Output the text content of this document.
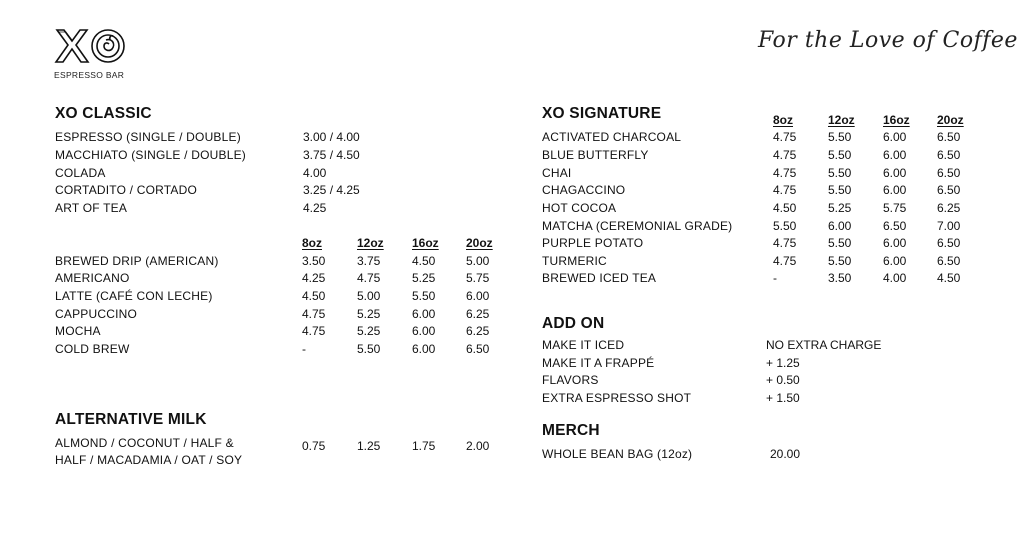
ESPRESSO BAR
For the Love of Coffee
XO CLASSIC
ESPRESSO (SINGLE / DOUBLE)	3.00 / 4.00
MACCHIATO (SINGLE / DOUBLE)	3.75 / 4.50
COLADA	4.00
CORTADITO / CORTADO	3.25 / 4.25
ART OF TEA	4.25
8oz	12oz 16oz 20oz
BREWED DRIP (AMERICAN)	3.50	3.75	4.50	5.00
AMERICANO	4.25	4.75	5.25	5.75
LATTE (CAFÉ CON LECHE)	4.50	5.00	5.50	6.00
CAPPUCCINO	4.75	5.25	6.00	6.25
MOCHA	4.75	5.25	6.00	6.25
COLD BREW	-	5.50	6.00	6.50
ALTERNATIVE MILK
ALMOND / COCONUT / HALF &
HALF / MACADAMIA / OAT / SOY
0.75	1.25	1.75	2.00
XO SIGNATURE	8oz	12oz 16oz 20oz
ACTIVATED CHARCOAL	4.75	5.50	6.00	6.50
BLUE BUTTERFLY	4.75	5.50	6.00	6.50
CHAI	4.75	5.50	6.00	6.50
CHAGACCINO	4.75	5.50	6.00	6.50
HOT COCOA	4.50	5.25	5.75	6.25
MATCHA (CEREMONIAL GRADE)	5.50	6.00	6.50	7.00
PURPLE POTATO	4.75	5.50	6.00	6.50
TURMERIC	4.75	5.50	6.00	6.50
BREWED ICED TEA	-	3.50	4.00	4.50
ADD ON
MAKE IT ICED	NO EXTRA CHARGE
MAKE IT A FRAPPÉ	+ 1.25
FLAVORS	+ 0.50
EXTRA ESPRESSO SHOT	+ 1.50
MERCH
WHOLE BEAN BAG (12oz)	20.00
